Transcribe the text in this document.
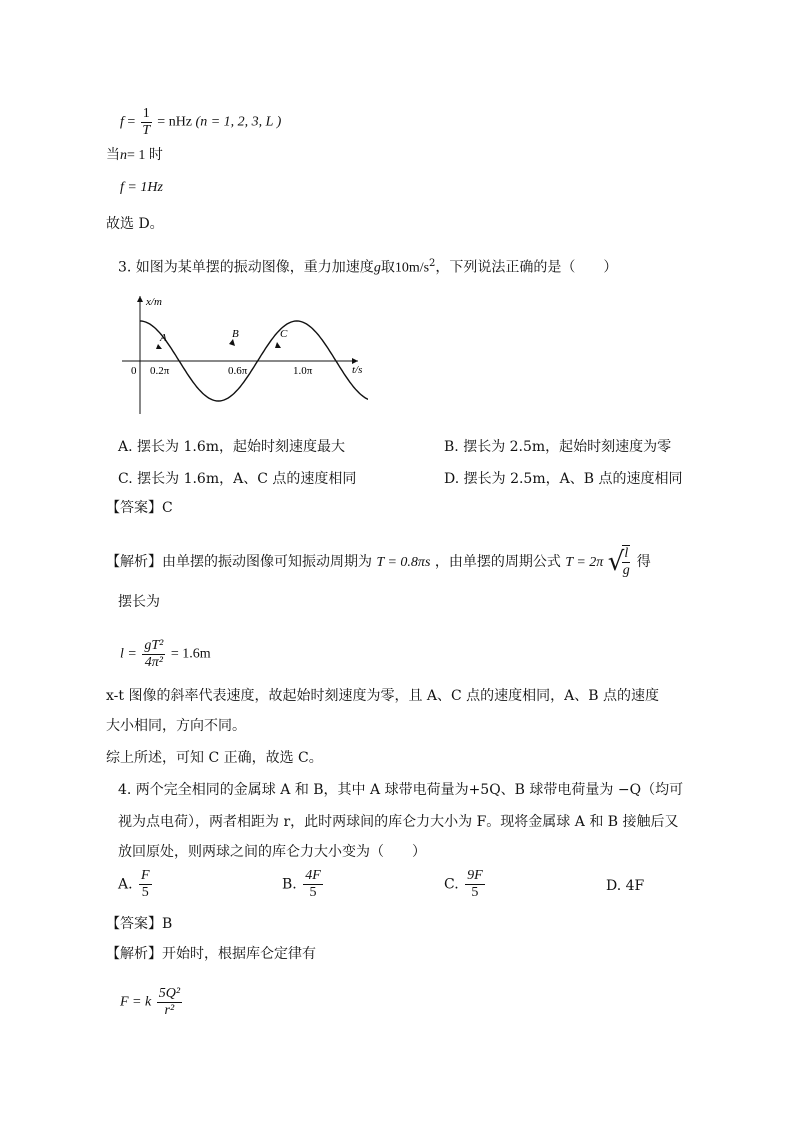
$f = \frac{1}{T}$ = nHz (n = 1, 2, 3, L )
当n= 1 时
f = 1Hz
故选 D。
3. 如图为某单摆的振动图像，重力加速度g取$10m/s^2$，下列说法正确的是（　　）
x/m
t/s
0 0.2π	0.6π	1.0π
A	B	C
A. 摆长为 1.6m，起始时刻速度最大	B. 摆长为 2.5m，起始时刻速度为零
C. 摆长为 1.6m，A、C 点的速度相同	D. 摆长为 2.5m，A、B 点的速度相同
【答案】C
【解析】由单摆的振动图像可知振动周期为 T = 0.8πs ，由单摆的周期公式 T = 2π √
$\frac{l}{g}$ 得
摆长为
$l = \frac{\text{gT²}}{\text{4π²}} = 1.6m$
x-t 图像的斜率代表速度，故起始时刻速度为零，且 A、C 点的速度相同，A、B 点的速度
大小相同，方向不同。
综上所述，可知 C 正确，故选 C。
4. 两个完全相同的金属球 A 和 B，其中 A 球带电荷量为+5Q、B 球带电荷量为 −Q（均可
视为点电荷），两者相距为 r，此时两球间的库仑力大小为 F。现将金属球 A 和 B 接触后又
放回原处，则两球之间的库仑力大小变为（　　）
A. $\frac{F}{5}$	B. $\frac{4F}{5}$	C. $\frac{9F}{5}$	D. 4F
【答案】B
【解析】开始时，根据库仑定律有
F = k $\frac{\text{5Q²}}{\text{r²}}$
